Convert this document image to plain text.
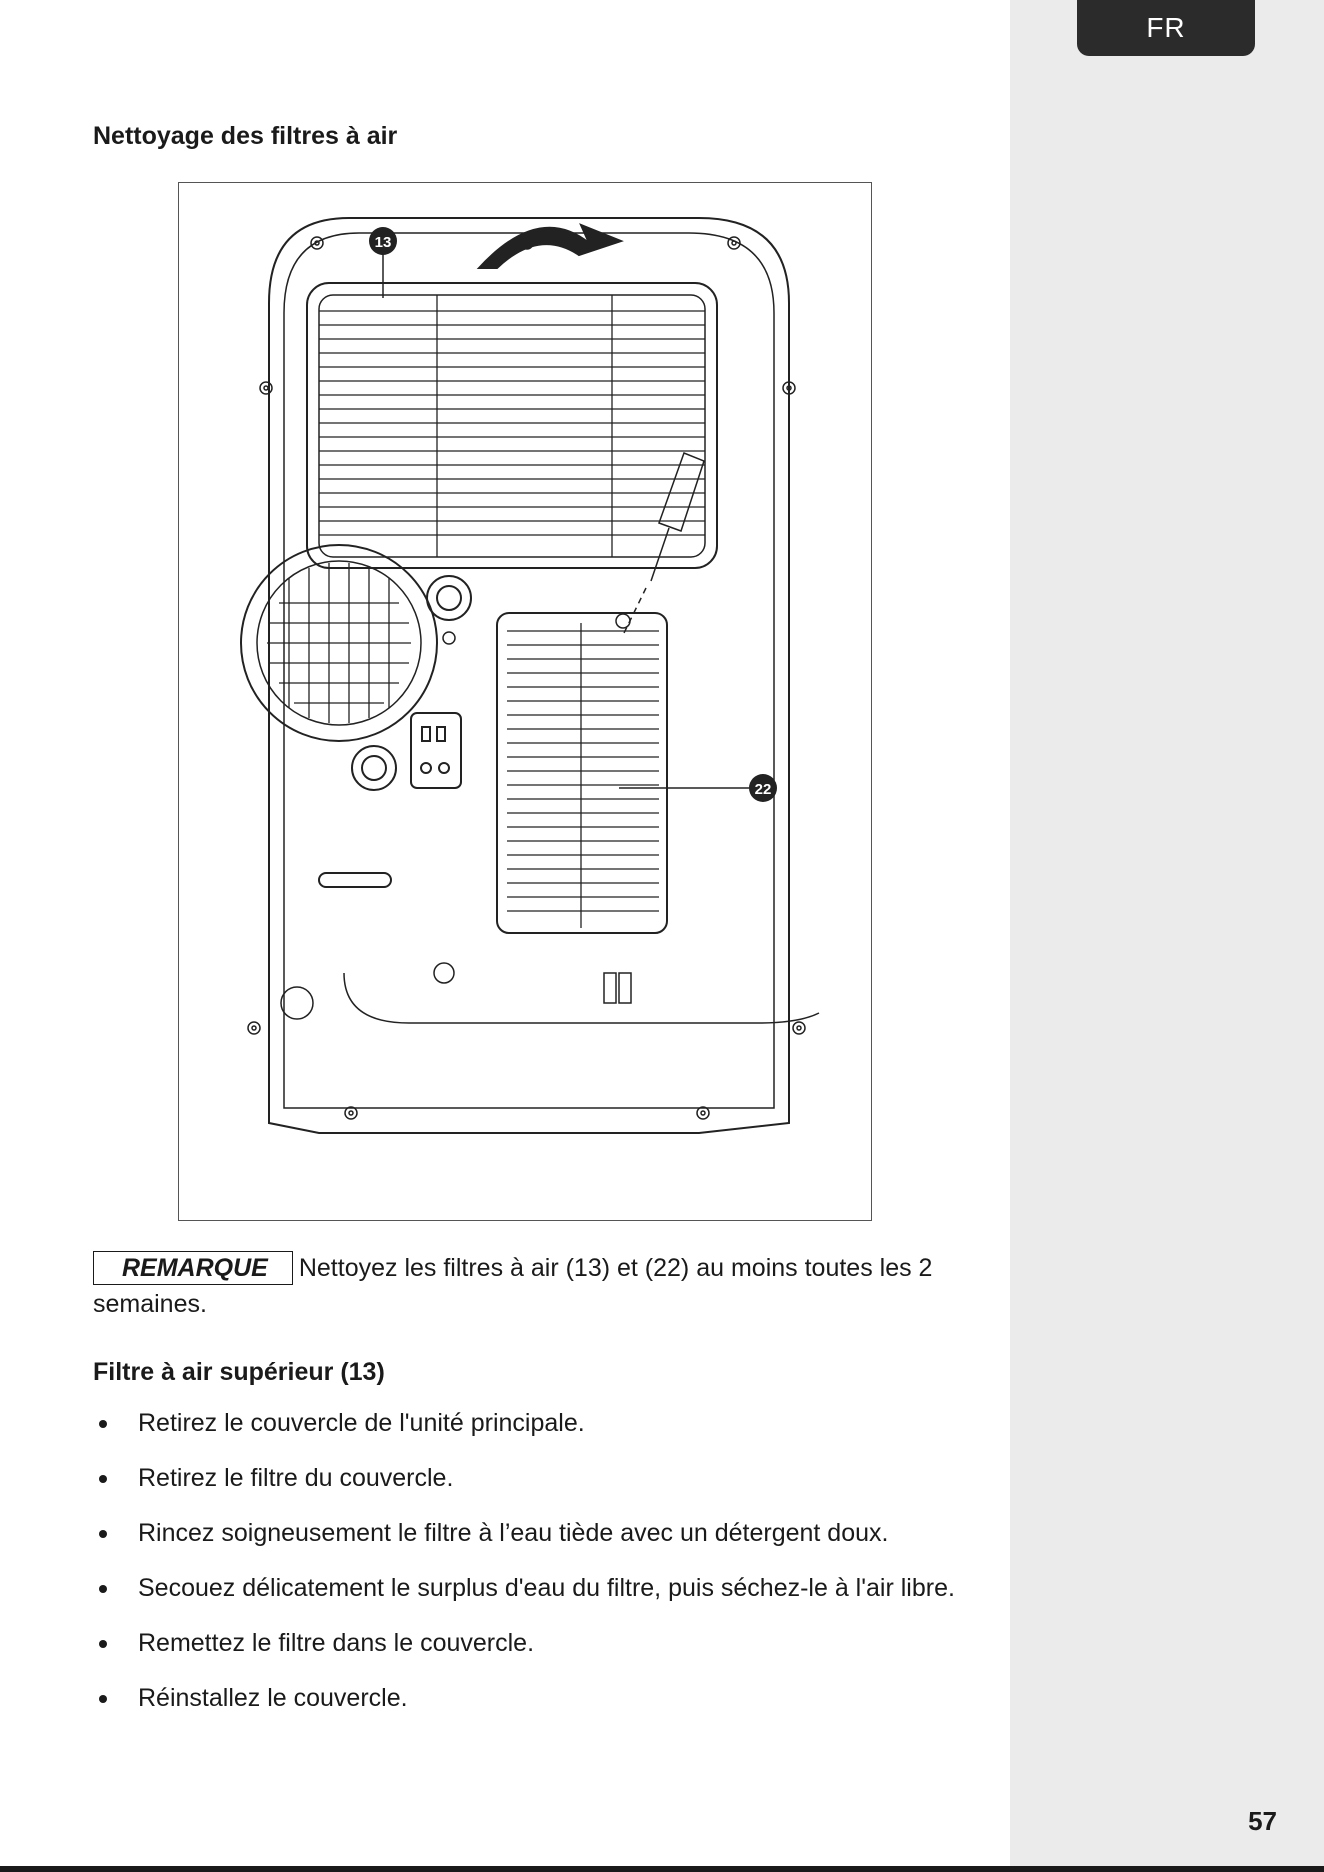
FR
Nettoyage des filtres à air
13
22
REMARQUE Nettoyez les filtres à air (13) et (22) au moins toutes les 2 semaines.
Filtre à air supérieur (13)
Retirez le couvercle de l'unité principale.
Retirez le filtre du couvercle.
Rincez soigneusement le filtre à l’eau tiède avec un détergent doux.
Secouez délicatement le surplus d'eau du filtre, puis séchez-le à l'air libre.
Remettez le filtre dans le couvercle.
Réinstallez le couvercle.
57
